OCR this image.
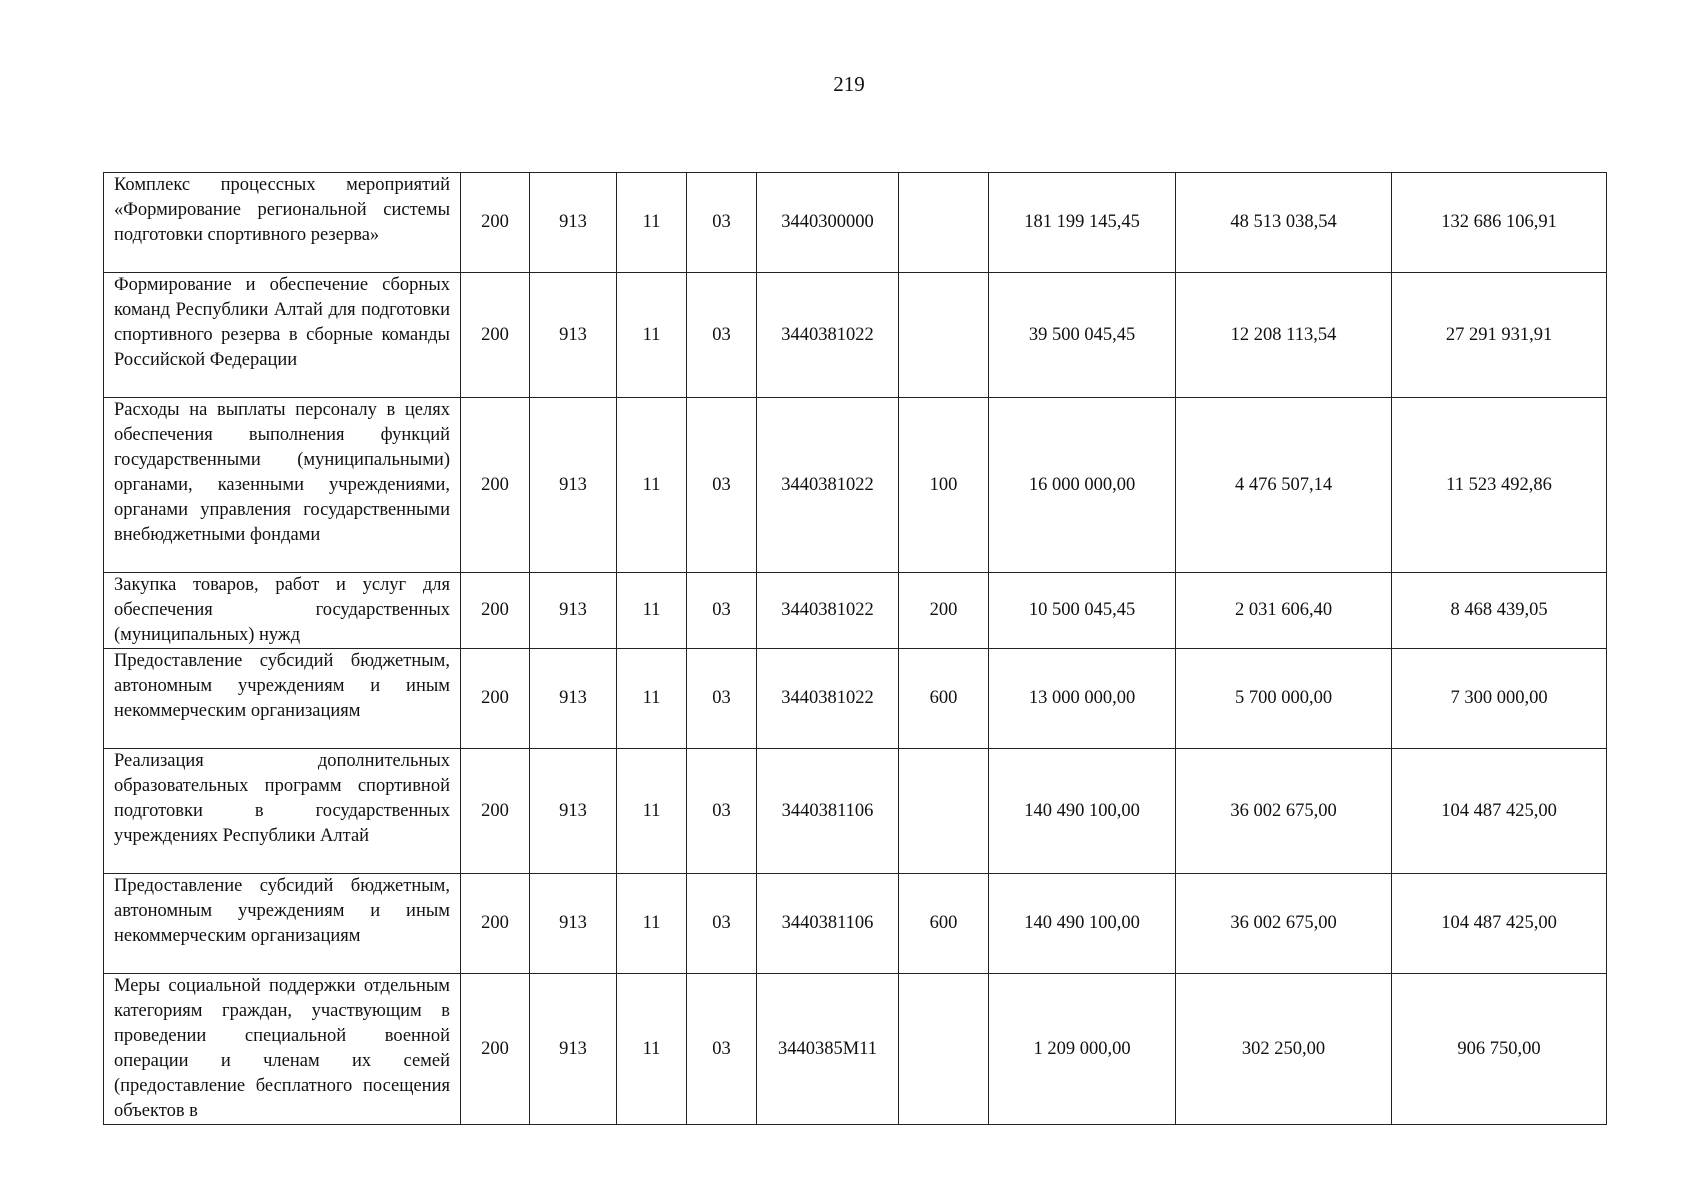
219
Комплекс процессных мероприятий «Формирование региональной системы подготовки спортивного резерва»	200	913	11	03	3440300000		181 199 145,45	48 513 038,54	132 686 106,91
Формирование и обеспечение сборных команд Республики Алтай для подготовки спортивного резерва в сборные команды Российской Федерации	200	913	11	03	3440381022		39 500 045,45	12 208 113,54	27 291 931,91
Расходы на выплаты персоналу в целях обеспечения выполнения функций государственными (муниципальными) органами, казенными учреждениями, органами управления государственными внебюджетными фондами	200	913	11	03	3440381022	100	16 000 000,00	4 476 507,14	11 523 492,86
Закупка товаров, работ и услуг для обеспечения государственных (муниципальных) нужд	200	913	11	03	3440381022	200	10 500 045,45	2 031 606,40	8 468 439,05
Предоставление субсидий бюджетным, автономным учреждениям и иным некоммерческим организациям	200	913	11	03	3440381022	600	13 000 000,00	5 700 000,00	7 300 000,00
Реализация дополнительных образовательных программ спортивной подготовки в государственных учреждениях Республики Алтай	200	913	11	03	3440381106		140 490 100,00	36 002 675,00	104 487 425,00
Предоставление субсидий бюджетным, автономным учреждениям и иным некоммерческим организациям	200	913	11	03	3440381106	600	140 490 100,00	36 002 675,00	104 487 425,00

Меры социальной поддержки отдельным категориям граждан, участвующим в проведении специальной военной операции и членам их семей (предоставление бесплатного посещения объектов в	200	913	11	03	3440385М11		1 209 000,00	302 250,00	906 750,00
